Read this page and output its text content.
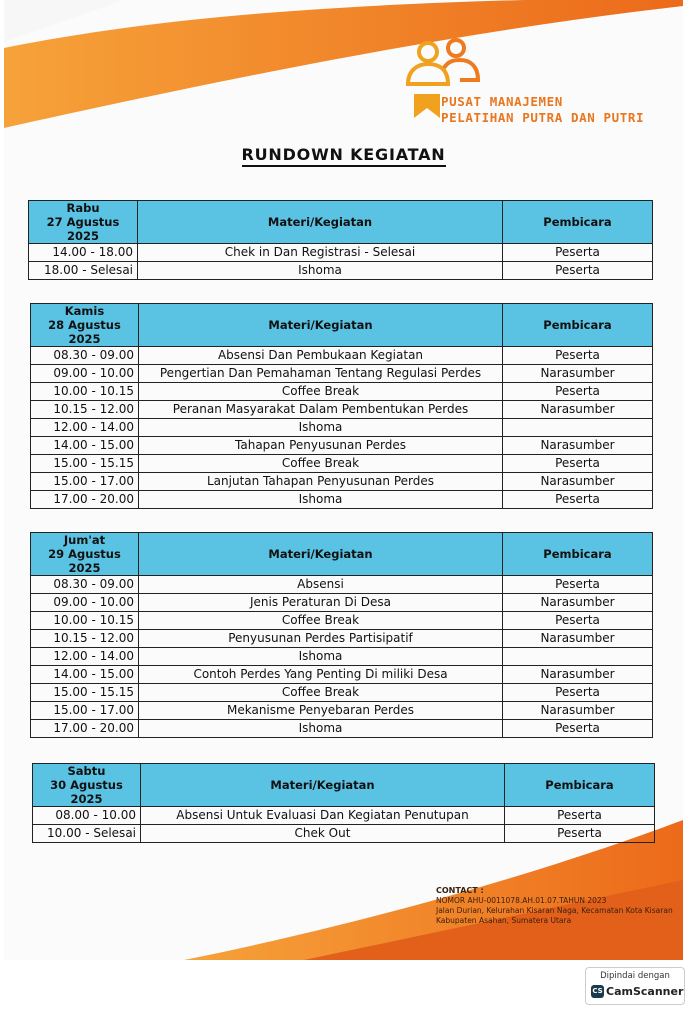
PUSAT MANAJEMEN
PELATIHAN PUTRA DAN PUTRI
RUNDOWN KEGIATAN
Rabu
27 Agustus 2025	Materi/Kegiatan	Pembicara
14.00 - 18.00	Chek in Dan Registrasi - Selesai	Peserta
18.00 - Selesai	Ishoma	Peserta
Kamis
28 Agustus 2025	Materi/Kegiatan	Pembicara
08.30 - 09.00	Absensi Dan Pembukaan Kegiatan	Peserta
09.00 - 10.00	Pengertian Dan Pemahaman Tentang Regulasi Perdes	Narasumber
10.00 - 10.15	Coffee Break	Peserta
10.15 - 12.00	Peranan Masyarakat Dalam Pembentukan Perdes	Narasumber
12.00 - 14.00	Ishoma	
14.00 - 15.00	Tahapan Penyusunan Perdes	Narasumber
15.00 - 15.15	Coffee Break	Peserta
15.00 - 17.00	Lanjutan Tahapan Penyusunan Perdes	Narasumber
17.00 - 20.00	Ishoma	Peserta
Jum'at
29 Agustus 2025	Materi/Kegiatan	Pembicara
08.30 - 09.00	Absensi	Peserta
09.00 - 10.00	Jenis Peraturan Di Desa	Narasumber
10.00 - 10.15	Coffee Break	Peserta
10.15 - 12.00	Penyusunan Perdes Partisipatif	Narasumber
12.00 - 14.00	Ishoma	
14.00 - 15.00	Contoh Perdes Yang Penting Di miliki Desa	Narasumber
15.00 - 15.15	Coffee Break	Peserta
15.00 - 17.00	Mekanisme Penyebaran Perdes	Narasumber
17.00 - 20.00	Ishoma	Peserta
Sabtu
30 Agustus 2025	Materi/Kegiatan	Pembicara
08.00 - 10.00	Absensi Untuk Evaluasi Dan Kegiatan Penutupan	Peserta
10.00 - Selesai	Chek Out	Peserta
CONTACT :
NOMOR AHU-0011078.AH.01.07.TAHUN 2023
Jalan Durian, Kelurahan Kisaran Naga, Kecamatan Kota Kisaran
Kabupaten Asahan, Sumatera Utara
Dipindai dengan
CS CamScanner
